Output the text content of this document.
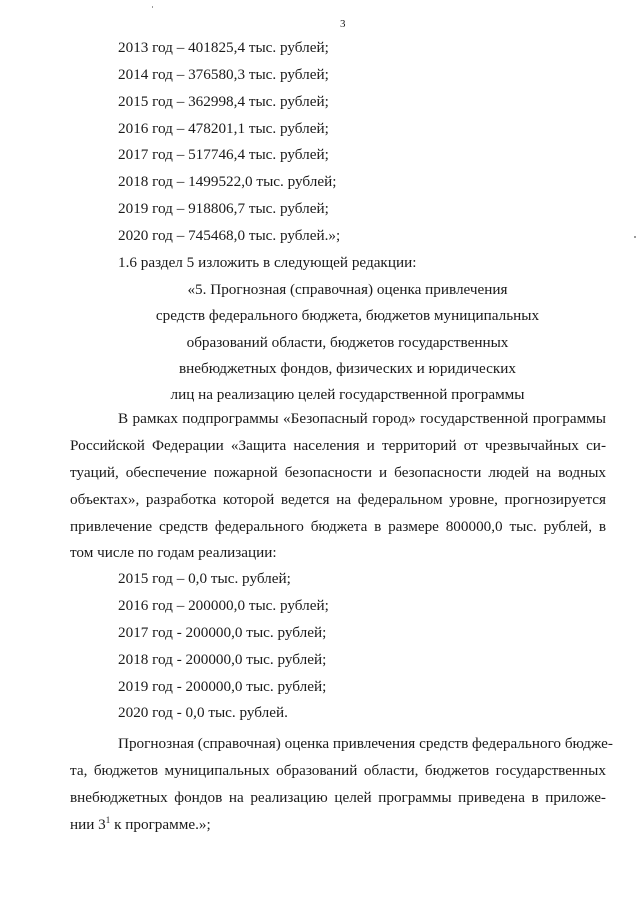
3
2013 год – 401825,4 тыс. рублей;
2014 год – 376580,3 тыс. рублей;
2015 год – 362998,4 тыс. рублей;
2016 год – 478201,1 тыс. рублей;
2017 год – 517746,4 тыс. рублей;
2018 год – 1499522,0 тыс. рублей;
2019 год – 918806,7 тыс. рублей;
2020 год – 745468,0 тыс. рублей.»;
1.6 раздел 5 изложить в следующей редакции:
«5. Прогнозная (справочная) оценка привлечения
средств федерального бюджета, бюджетов муниципальных
образований области, бюджетов государственных
внебюджетных фондов, физических и юридических
лиц на реализацию целей государственной программы
В рамках подпрограммы «Безопасный город» государственной программы
Российской Федерации «Защита населения и территорий от чрезвычайных си-
туаций, обеспечение пожарной безопасности и безопасности людей на водных
объектах», разработка которой ведется на федеральном уровне, прогнозируется
привлечение средств федерального бюджета в размере 800000,0 тыс. рублей, в
том числе по годам реализации:
2015 год – 0,0 тыс. рублей;
2016 год – 200000,0 тыс. рублей;
2017 год - 200000,0 тыс. рублей;
2018 год - 200000,0 тыс. рублей;
2019 год - 200000,0 тыс. рублей;
2020 год - 0,0 тыс. рублей.
Прогнозная (справочная) оценка привлечения средств федерального бюдже-
та, бюджетов муниципальных образований области, бюджетов государственных
внебюджетных фондов на реализацию целей программы приведена в приложе-
нии $3^1$ к программе.»;
